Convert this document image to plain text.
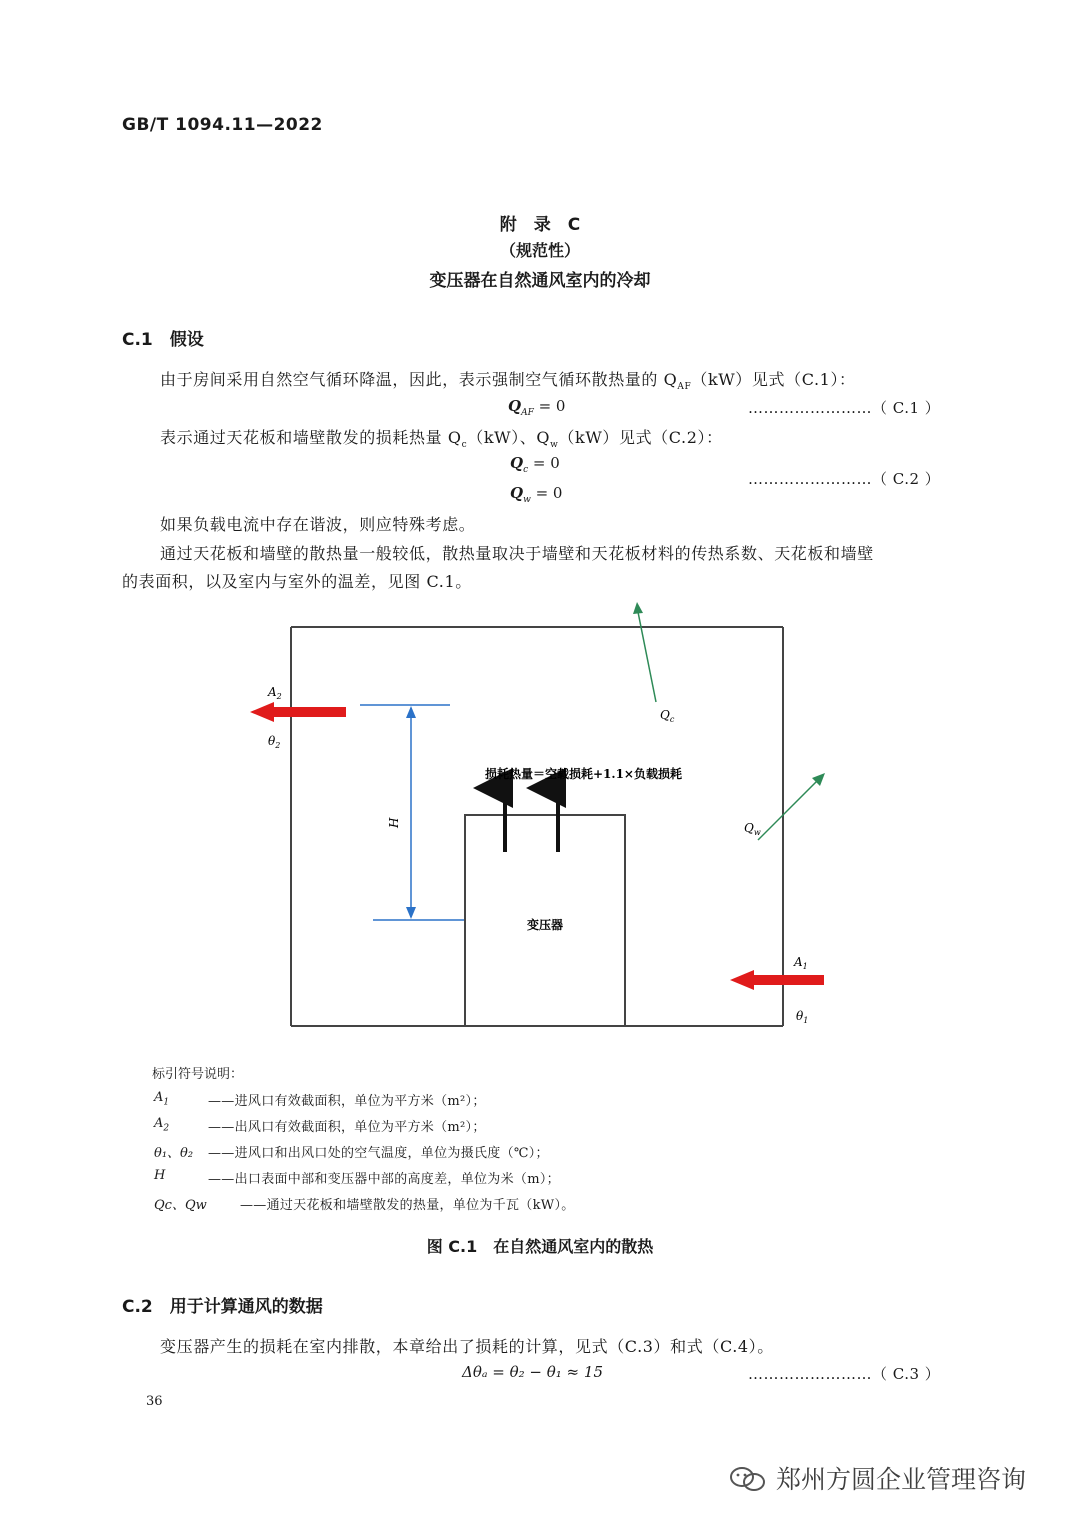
GB/T 1094.11—2022
附　录　C
（规范性）
变压器在自然通风室内的冷却
C.1　假设
由于房间采用自然空气循环降温，因此，表示强制空气循环散热量的 $Q_{AF}(kW)$见式（C.1）：
$Q_{AF} = 0$	……………………（ C.1 ）
表示通过天花板和墙壁散发的损耗热量 $Q_c(kW)$、$Q_w(kW)$见式（C.2）：
$Q_c = 0$
$Q_w = 0$
……………………（ C.2 ）
如果负载电流中存在谐波，则应特殊考虑。
通过天花板和墙壁的散热量一般较低，散热量取决于墙壁和天花板材料的传热系数、天花板和墙壁
的表面积，以及室内与室外的温差，见图 C.1。
变压器
损耗热量＝空载损耗+1.1×负载损耗
H
$A_2$
$\theta_2$
$A_1$
$\theta_1$
$Q_c$
$Q_w$
标引符号说明：
$A_1$	——进风口有效截面积，单位为平方米（m²）；
$A_2$	——出风口有效截面积，单位为平方米（m²）；
θ₁、θ₂ ——进风口和出风口处的空气温度，单位为摄氏度（℃）；
H	——出口表面中部和变压器中部的高度差，单位为米（m）；
Qc、Qw	——通过天花板和墙壁散发的热量，单位为千瓦（kW）。
图 C.1　在自然通风室内的散热
C.2　用于计算通风的数据
变压器产生的损耗在室内排散，本章给出了损耗的计算，见式（C.3）和式（C.4）。
Δθₐ = θ₂ − θ₁ ≈ 15	……………………（ C.3 ）
36
郑州方圆企业管理咨询
